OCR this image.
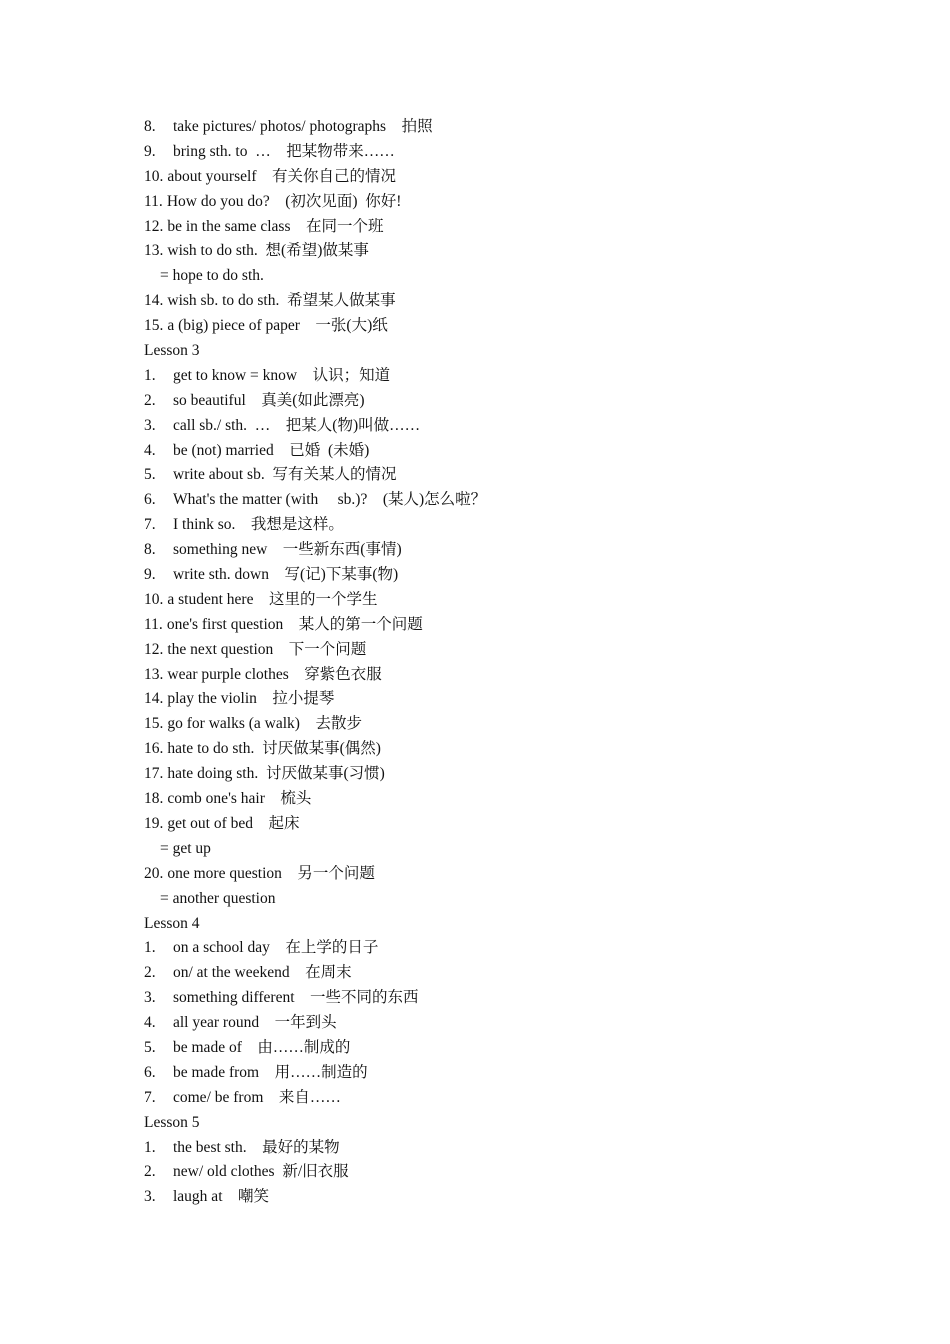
8.	take pictures/ photos/ photographs    拍照
9.	bring sth. to  …    把某物带来……
10. about yourself    有关你自己的情况
11. How do you do?    (初次见面)  你好!
12. be in the same class    在同一个班
13. wish to do sth.  想(希望)做某事
= hope to do sth.
14. wish sb. to do sth.  希望某人做某事
15. a (big) piece of paper    一张(大)纸
Lesson 3
1.	get to know = know    认识；知道
2.	so beautiful    真美(如此漂亮)
3.	call sb./ sth.  …    把某人(物)叫做……
4.	be (not) married    已婚  (未婚)
5.	write about sb.  写有关某人的情况
6.	What's the matter (with     sb.)?    (某人)怎么啦？
7.	I think so.    我想是这样。
8.	something new    一些新东西(事情)
9.	write sth. down    写(记)下某事(物)
10. a student here    这里的一个学生
11. one's first question    某人的第一个问题
12. the next question    下一个问题
13. wear purple clothes    穿紫色衣服
14. play the violin    拉小提琴
15. go for walks (a walk)    去散步
16. hate to do sth.  讨厌做某事(偶然)
17. hate doing sth.  讨厌做某事(习惯)
18. comb one's hair    梳头
19. get out of bed    起床
= get up
20. one more question    另一个问题
= another question
Lesson 4
1.	on a school day    在上学的日子
2.	on/ at the weekend    在周末
3.	something different    一些不同的东西
4.	all year round    一年到头
5.	be made of    由……制成的
6.	be made from    用……制造的
7.	come/ be from    来自……
Lesson 5
1.	the best sth.    最好的某物
2.	new/ old clothes  新/旧衣服
3.	laugh at    嘲笑
